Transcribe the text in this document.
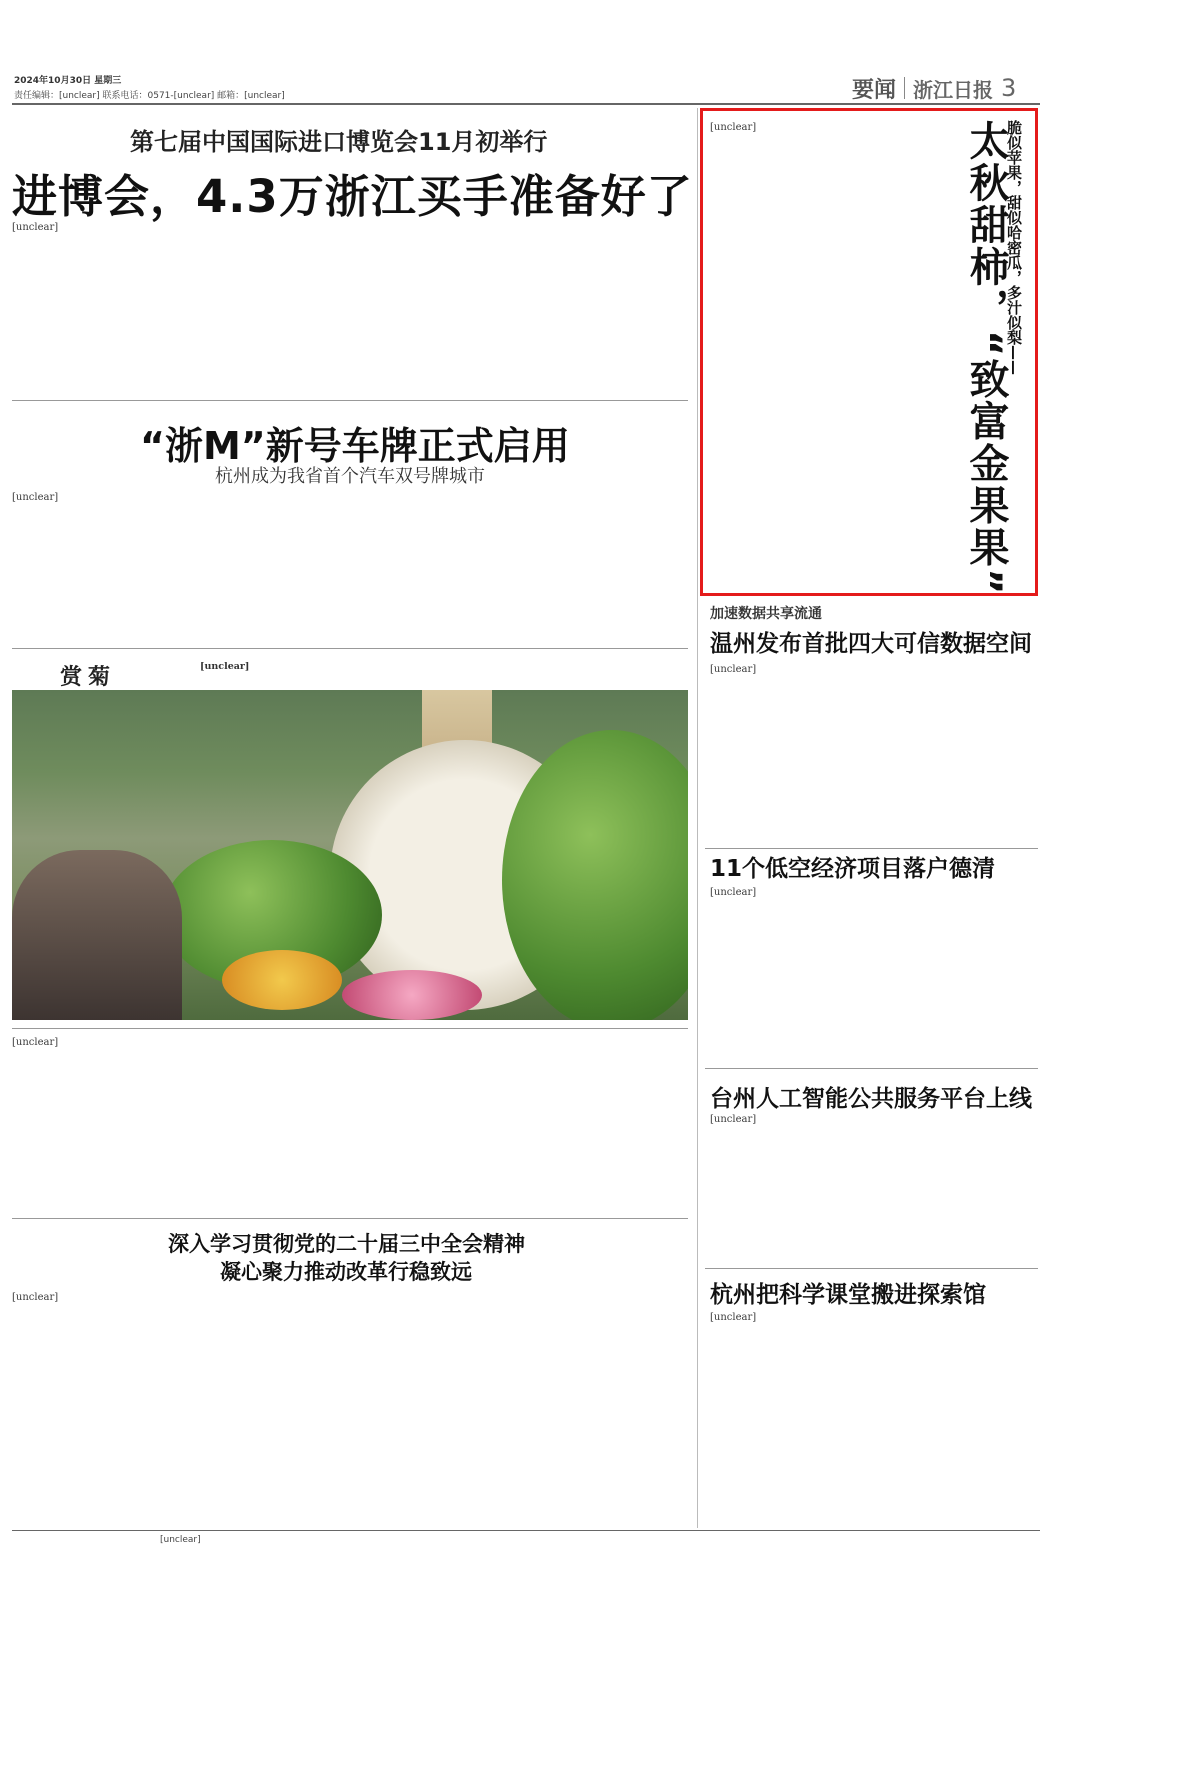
2024年10月30日 星期三
责任编辑：[unclear] 联系电话：0571-[unclear] 邮箱：[unclear]	要闻 浙江日报 3
第七届中国国际进口博览会11月初举行
进博会，4.3万浙江买手准备好了
[unclear]
“浙M”新号车牌正式启用
杭州成为我省首个汽车双号牌城市
[unclear]
赏菊	[unclear]
[unclear]
深入学习贯彻党的二十届三中全会精神
凝心聚力推动改革行稳致远
[unclear]
[unclear]	脆似苹果，甜似哈密瓜，多汁似梨——
太秋甜柿，“致富金果果”
加速数据共享流通
温州发布首批四大可信数据空间
[unclear]
11个低空经济项目落户德清
[unclear]
台州人工智能公共服务平台上线
[unclear]
杭州把科学课堂搬进探索馆
[unclear]
[unclear]
